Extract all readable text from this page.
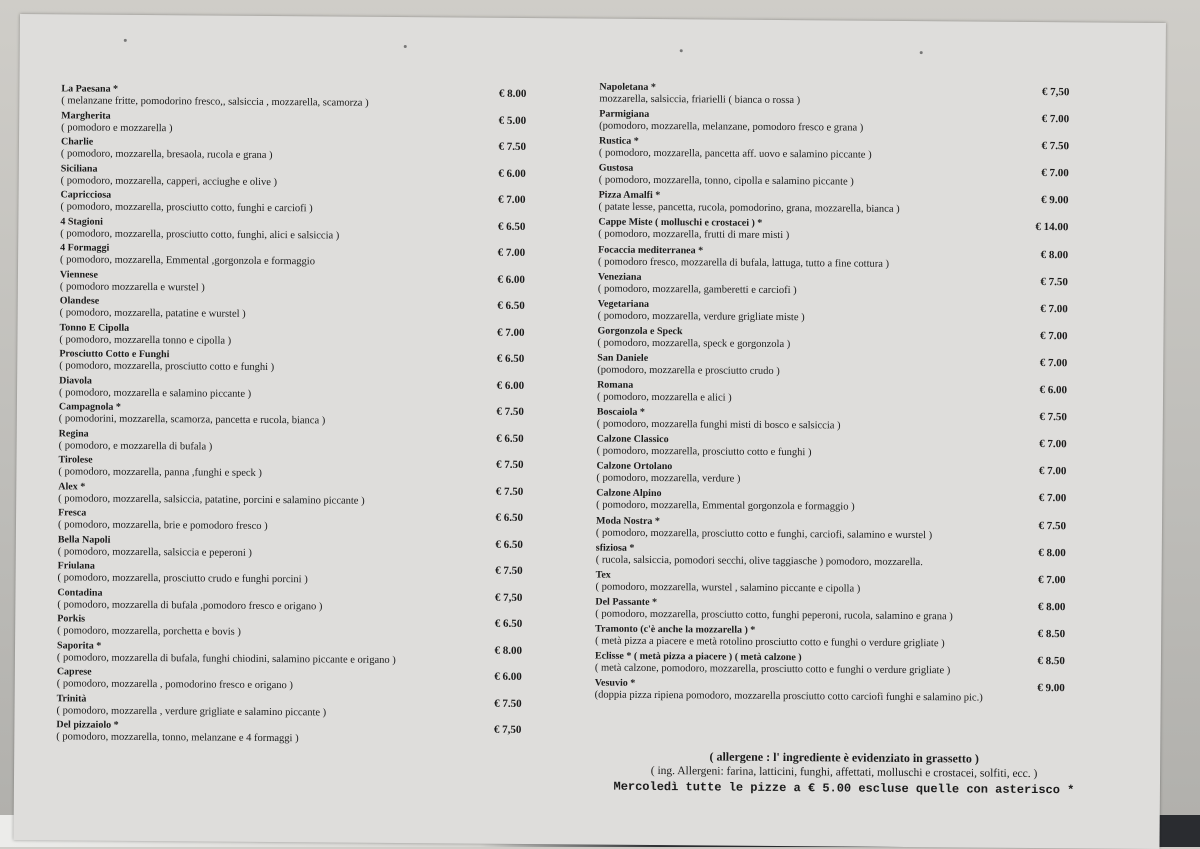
La Paesana *	€ 8.00
( melanzane fritte, pomodorino fresco,, salsiccia , mozzarella, scamorza )
Margherita	€ 5.00
( pomodoro e mozzarella )
Charlie	€ 7.50
( pomodoro, mozzarella, bresaola, rucola e grana )
Siciliana	€ 6.00
( pomodoro, mozzarella, capperi, acciughe e olive )
Capricciosa	€ 7.00
( pomodoro, mozzarella, prosciutto cotto, funghi e carciofi )
4 Stagioni	€ 6.50
( pomodoro, mozzarella, prosciutto cotto, funghi, alici e salsiccia )
4 Formaggi	€ 7.00
( pomodoro, mozzarella, Emmental ,gorgonzola e formaggio
Viennese	€ 6.00
( pomodoro mozzarella e wurstel )
Olandese	€ 6.50
( pomodoro, mozzarella, patatine e wurstel )
Tonno E Cipolla	€ 7.00
( pomodoro, mozzarella tonno e cipolla )
Prosciutto Cotto e Funghi	€ 6.50
( pomodoro, mozzarella, prosciutto cotto e funghi )
Diavola	€ 6.00
( pomodoro, mozzarella e salamino piccante )
Campagnola *	€ 7.50
( pomodorini, mozzarella, scamorza, pancetta e rucola, bianca )
Regina	€ 6.50
( pomodoro, e mozzarella di bufala )
Tirolese	€ 7.50
( pomodoro, mozzarella, panna ,funghi e speck )
Alex *	€ 7.50
( pomodoro, mozzarella, salsiccia, patatine, porcini e salamino piccante )
Fresca	€ 6.50
( pomodoro, mozzarella, brie e pomodoro fresco )
Bella Napoli	€ 6.50
( pomodoro, mozzarella, salsiccia e peperoni )
Friulana	€ 7.50
( pomodoro, mozzarella, prosciutto crudo e funghi porcini )
Contadina	€ 7,50
( pomodoro, mozzarella di bufala ,pomodoro fresco e origano )
Porkis	€ 6.50
( pomodoro, mozzarella, porchetta e bovis )
Saporita *	€ 8.00
( pomodoro, mozzarella di bufala, funghi chiodini, salamino piccante e origano )
Caprese	€ 6.00
( pomodoro, mozzarella , pomodorino fresco e origano )
Trinità	€ 7.50
( pomodoro, mozzarella , verdure grigliate e salamino piccante )
Del pizzaiolo *	€ 7,50
( pomodoro, mozzarella, tonno, melanzane e 4 formaggi )
Napoletana *	€ 7,50
mozzarella, salsiccia, friarielli ( bianca o rossa )
Parmigiana	€ 7.00
(pomodoro, mozzarella, melanzane, pomodoro fresco e grana )
Rustica *	€ 7.50
( pomodoro, mozzarella, pancetta aff. uovo e salamino piccante )
Gustosa	€ 7.00
( pomodoro, mozzarella, tonno, cipolla e salamino piccante )
Pizza Amalfi *	€ 9.00
( patate lesse, pancetta, rucola, pomodorino, grana, mozzarella, bianca )
Cappe Miste ( molluschi e crostacei ) *	€ 14.00
( pomodoro, mozzarella, frutti di mare misti )
Focaccia mediterranea *	€ 8.00
( pomodoro fresco, mozzarella di bufala, lattuga, tutto a fine cottura )
Veneziana	€ 7.50
( pomodoro, mozzarella, gamberetti e carciofi )
Vegetariana	€ 7.00
( pomodoro, mozzarella, verdure grigliate miste )
Gorgonzola e Speck	€ 7.00
( pomodoro, mozzarella, speck e gorgonzola )
San Daniele	€ 7.00
(pomodoro, mozzarella e prosciutto crudo )
Romana	€ 6.00
( pomodoro, mozzarella e alici )
Boscaiola *	€ 7.50
( pomodoro, mozzarella funghi misti di bosco e salsiccia )
Calzone Classico	€ 7.00
( pomodoro, mozzarella, prosciutto cotto e funghi )
Calzone Ortolano	€ 7.00
( pomodoro, mozzarella, verdure )
Calzone Alpino	€ 7.00
( pomodoro, mozzarella, Emmental gorgonzola e formaggio )
Moda Nostra *	€ 7.50
( pomodoro, mozzarella, prosciutto cotto e funghi, carciofi, salamino e wurstel )
sfiziosa *	€ 8.00
( rucola, salsiccia, pomodori secchi, olive taggiasche ) pomodoro, mozzarella.
Tex	€ 7.00
( pomodoro, mozzarella, wurstel , salamino piccante e cipolla )
Del Passante *	€ 8.00
( pomodoro, mozzarella, prosciutto cotto, funghi peperoni, rucola, salamino e grana )
Tramonto (c'è anche la mozzarella ) *	€ 8.50
( metà pizza a piacere e metà rotolino prosciutto cotto e funghi o verdure grigliate )
Eclisse * ( metà pizza a piacere ) ( metà calzone )	€ 8.50
( metà calzone, pomodoro, mozzarella, prosciutto cotto e funghi o verdure grigliate )
Vesuvio *	€ 9.00
(doppia pizza ripiena pomodoro, mozzarella prosciutto cotto carciofi funghi e salamino pic.)
( allergene : l' ingrediente è evidenziato in grassetto )
( ing. Allergeni: farina, latticini, funghi, affettati, molluschi e crostacei, solfiti, ecc. )
Mercoledì tutte le pizze a € 5.00 escluse quelle con asterisco *
